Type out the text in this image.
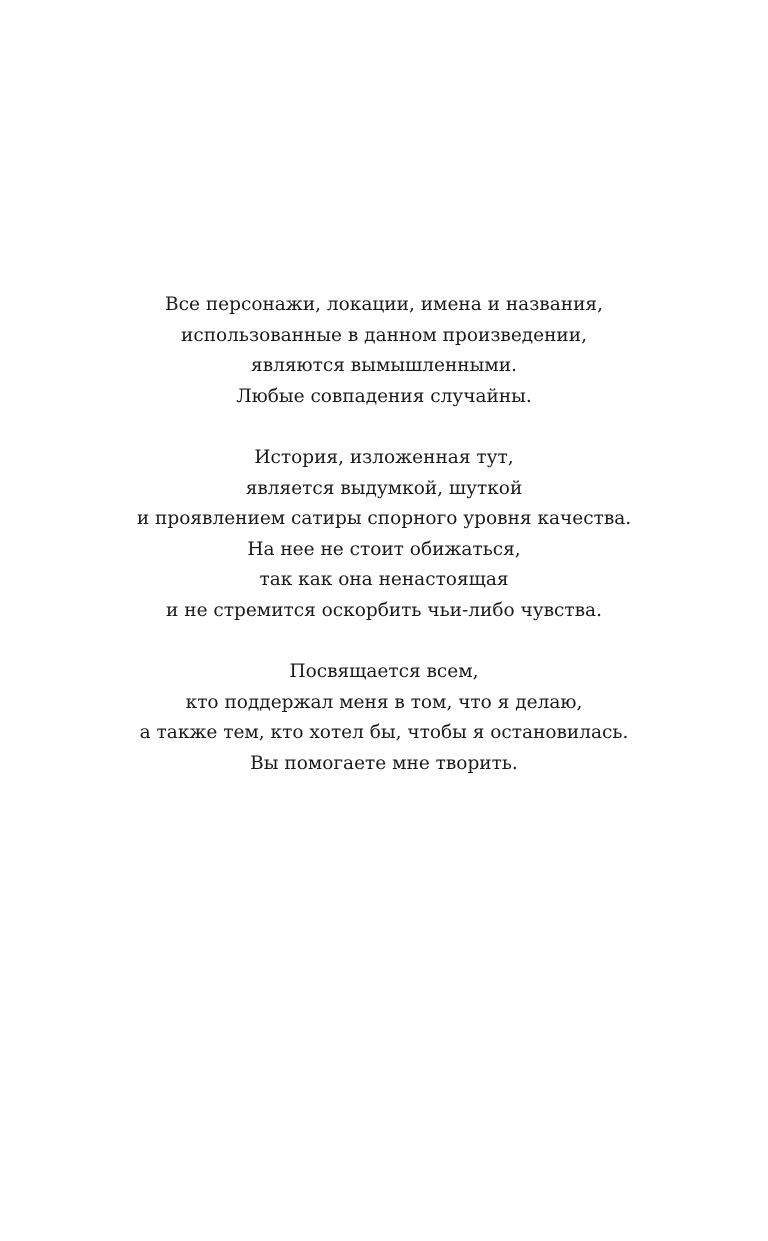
Все персонажи, локации, имена и названия,
использованные в данном произведении,
являются вымышленными.
Любые совпадения случайны.
История, изложенная тут,
является выдумкой, шуткой
и проявлением сатиры спорного уровня качества.
На нее не стоит обижаться,
так как она ненастоящая
и не стремится оскорбить чьи-либо чувства.
Посвящается всем,
кто поддержал меня в том, что я делаю,
а также тем, кто хотел бы, чтобы я остановилась.
Вы помогаете мне творить.
